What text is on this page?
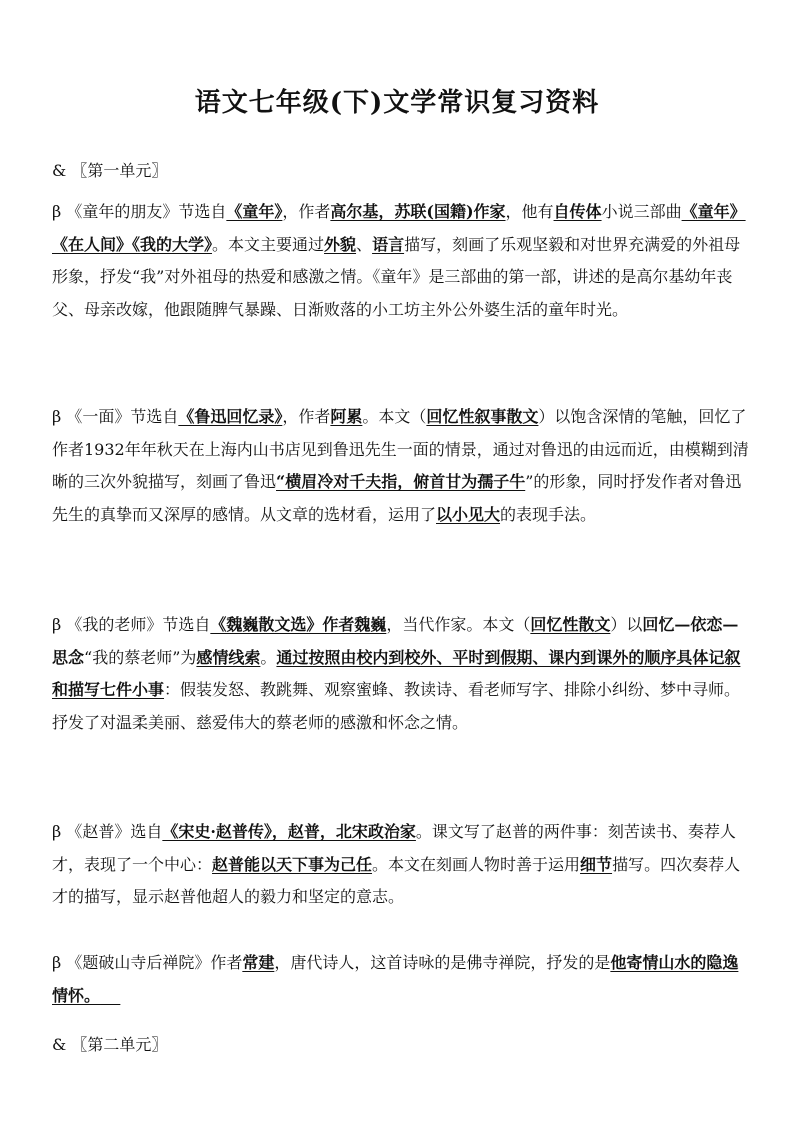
语文七年级(下)文学常识复习资料
& 〖第一单元〗
β 《童年的朋友》节选自《童年》，作者高尔基，苏联(国籍)作家，他有自传体小说三部曲《童年》《在人间》《我的大学》。本文主要通过外貌、语言描写，刻画了乐观坚毅和对世界充满爱的外祖母形象，抒发“我”对外祖母的热爱和感激之情。《童年》是三部曲的第一部，讲述的是高尔基幼年丧父、母亲改嫁，他跟随脾气暴躁、日渐败落的小工坊主外公外婆生活的童年时光。
β 《一面》节选自《鲁迅回忆录》，作者阿累。本文（回忆性叙事散文）以饱含深情的笔触，回忆了作者1932年年秋天在上海内山书店见到鲁迅先生一面的情景，通过对鲁迅的由远而近，由模糊到清晰的三次外貌描写，刻画了鲁迅“横眉冷对千夫指，俯首甘为孺子牛”的形象，同时抒发作者对鲁迅先生的真挚而又深厚的感情。从文章的选材看，运用了以小见大的表现手法。
β 《我的老师》节选自《魏巍散文选》作者魏巍，当代作家。本文（回忆性散文）以回忆—依恋—思念“我的蔡老师”为感情线索。通过按照由校内到校外、平时到假期、课内到课外的顺序具体记叙和描写七件小事：假装发怒、教跳舞、观察蜜蜂、教读诗、看老师写字、排除小纠纷、梦中寻师。抒发了对温柔美丽、慈爱伟大的蔡老师的感激和怀念之情。
β 《赵普》选自《宋史·赵普传》，赵普，北宋政治家。课文写了赵普的两件事：刻苦读书、奏荐人才，表现了一个中心：赵普能以天下事为己任。本文在刻画人物时善于运用细节描写。四次奏荐人才的描写，显示赵普他超人的毅力和坚定的意志。
β 《题破山寺后禅院》作者常建，唐代诗人，这首诗咏的是佛寺禅院，抒发的是他寄情山水的隐逸情怀。
& 〖第二单元〗
